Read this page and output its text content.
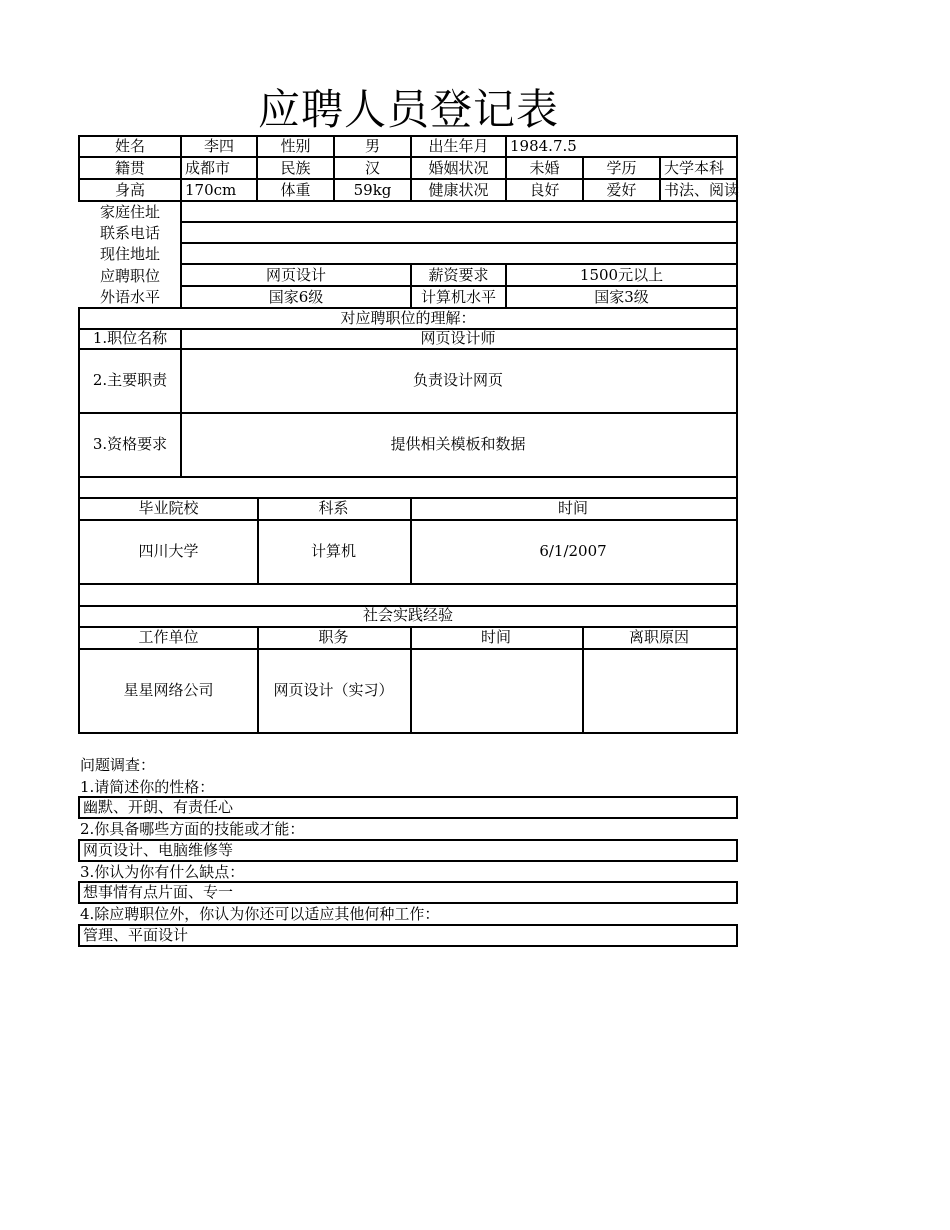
应聘人员登记表
姓名	李四	性别	男	出生年月	1984.7.5
籍贯	成都市	民族	汉	婚姻状况	未婚	学历	大学本科
身高	170cm	体重	59kg	健康状况	良好	爱好	书法、阅读
家庭住址
联系电话
现住地址
应聘职位	网页设计	薪资要求	1500元以上
外语水平	国家6级	计算机水平	国家3级
对应聘职位的理解：
1.职位名称	网页设计师
2.主要职责	负责设计网页
3.资格要求	提供相关模板和数据
毕业院校	科系	时间
四川大学	计算机	6/1/2007
社会实践经验
工作单位	职务	时间	离职原因
星星网络公司	网页设计（实习）
问题调查：
1.请简述你的性格：
幽默、开朗、有责任心
2.你具备哪些方面的技能或才能：
网页设计、电脑维修等
3.你认为你有什么缺点：
想事情有点片面、专一
4.除应聘职位外，你认为你还可以适应其他何种工作：
管理、平面设计
